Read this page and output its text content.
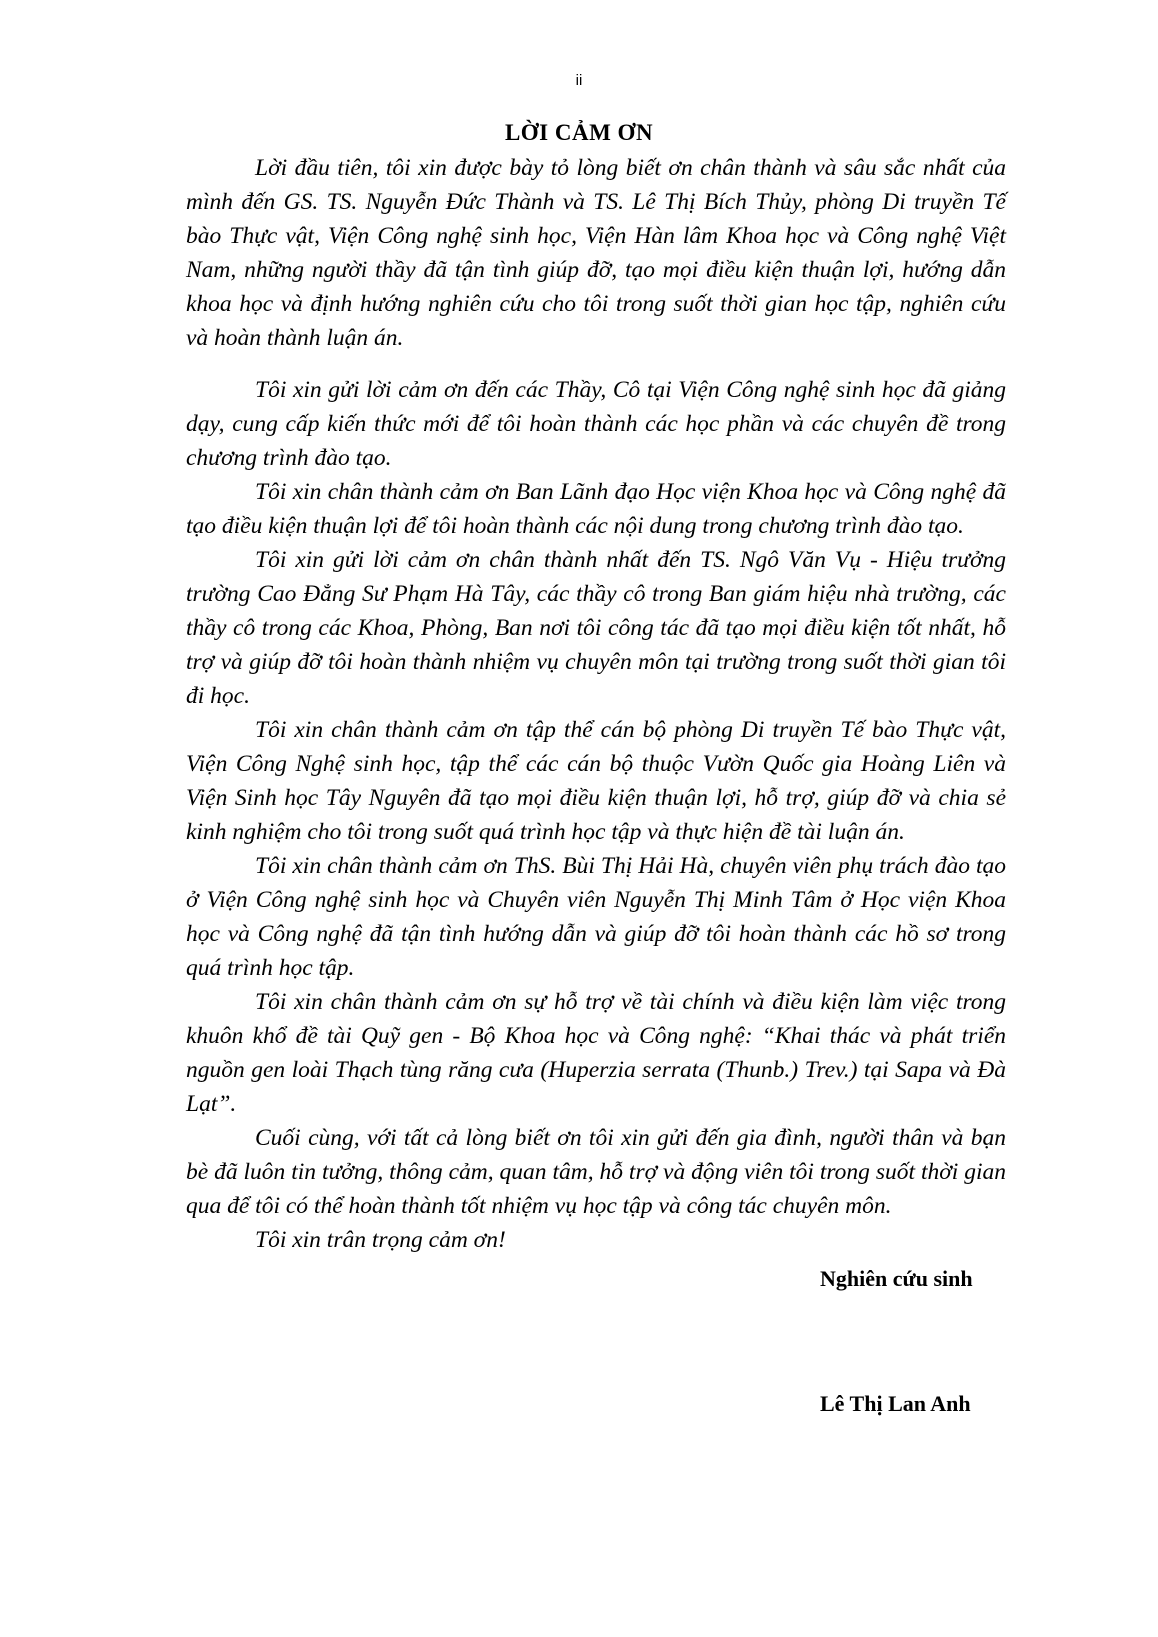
ii
LỜI CẢM ƠN

Lời đầu tiên, tôi xin được bày tỏ lòng biết ơn chân thành và sâu sắc nhất của mình đến GS. TS. Nguyễn Đức Thành và TS. Lê Thị Bích Thủy, phòng Di truyền Tế bào Thực vật, Viện Công nghệ sinh học, Viện Hàn lâm Khoa học và Công nghệ Việt Nam, những người thầy đã tận tình giúp đỡ, tạo mọi điều kiện thuận lợi, hướng dẫn khoa học và định hướng nghiên cứu cho tôi trong suốt thời gian học tập, nghiên cứu và hoàn thành luận án.

Tôi xin gửi lời cảm ơn đến các Thầy, Cô tại Viện Công nghệ sinh học đã giảng dạy, cung cấp kiến thức mới để tôi hoàn thành các học phần và các chuyên đề trong chương trình đào tạo.

Tôi xin chân thành cảm ơn Ban Lãnh đạo Học viện Khoa học và Công nghệ đã tạo điều kiện thuận lợi để tôi hoàn thành các nội dung trong chương trình đào tạo.

Tôi xin gửi lời cảm ơn chân thành nhất đến TS. Ngô Văn Vụ - Hiệu trưởng trường Cao Đẳng Sư Phạm Hà Tây, các thầy cô trong Ban giám hiệu nhà trường, các thầy cô trong các Khoa, Phòng, Ban nơi tôi công tác đã tạo mọi điều kiện tốt nhất, hỗ trợ và giúp đỡ tôi hoàn thành nhiệm vụ chuyên môn tại trường trong suốt thời gian tôi đi học.

Tôi xin chân thành cảm ơn tập thể cán bộ phòng Di truyền Tế bào Thực vật, Viện Công Nghệ sinh học, tập thể các cán bộ thuộc Vườn Quốc gia Hoàng Liên và Viện Sinh học Tây Nguyên đã tạo mọi điều kiện thuận lợi, hỗ trợ, giúp đỡ và chia sẻ kinh nghiệm cho tôi trong suốt quá trình học tập và thực hiện đề tài luận án.

Tôi xin chân thành cảm ơn ThS. Bùi Thị Hải Hà, chuyên viên phụ trách đào tạo ở Viện Công nghệ sinh học và Chuyên viên Nguyễn Thị Minh Tâm ở Học viện Khoa học và Công nghệ đã tận tình hướng dẫn và giúp đỡ tôi hoàn thành các hồ sơ trong quá trình học tập.

Tôi xin chân thành cảm ơn sự hỗ trợ về tài chính và điều kiện làm việc trong khuôn khổ đề tài Quỹ gen - Bộ Khoa học và Công nghệ: “Khai thác và phát triển nguồn gen loài Thạch tùng răng cưa (Huperzia serrata (Thunb.) Trev.) tại Sapa và Đà Lạt”.

Cuối cùng, với tất cả lòng biết ơn tôi xin gửi đến gia đình, người thân và bạn bè đã luôn tin tưởng, thông cảm, quan tâm, hỗ trợ và động viên tôi trong suốt thời gian qua để tôi có thể hoàn thành tốt nhiệm vụ học tập và công tác chuyên môn.

Tôi xin trân trọng cảm ơn!

Nghiên cứu sinh
Lê Thị Lan Anh
